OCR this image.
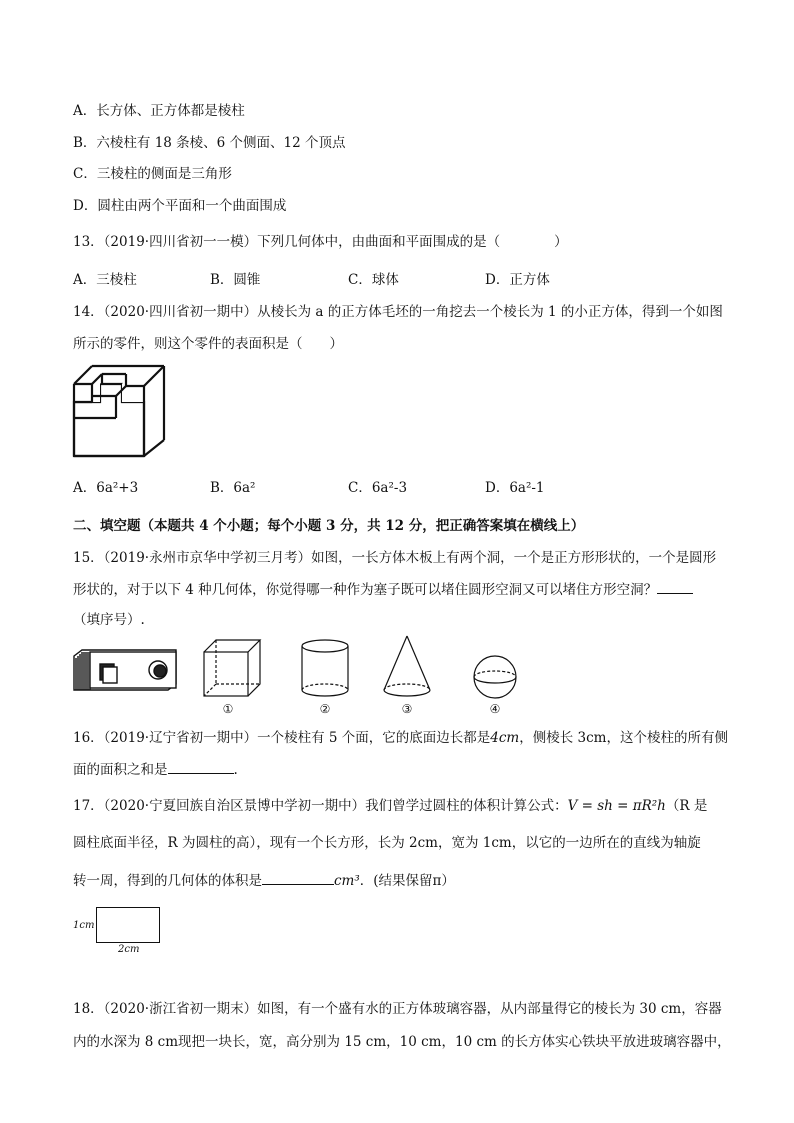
A．长方体、正方体都是棱柱
B．六棱柱有 18 条棱、6 个侧面、12 个顶点
C．三棱柱的侧面是三角形
D．圆柱由两个平面和一个曲面围成
13．（2019·四川省初一一模）下列几何体中，由曲面和平面围成的是（　　　　）
A．三棱柱	B．圆锥	C．球体	D．正方体
14．（2020·四川省初一期中）从棱长为 a 的正方体毛坯的一角挖去一个棱长为 1 的小正方体，得到一个如图
所示的零件，则这个零件的表面积是（　　）
A．6a²+3	B．6a²	C．6a²-3	D．6a²-1
二、填空题（本题共 4 个小题；每个小题 3 分，共 12 分，把正确答案填在横线上）
15．（2019·永州市京华中学初三月考）如图，一长方体木板上有两个洞，一个是正方形形状的，一个是圆形
形状的，对于以下 4 种几何体，你觉得哪一种作为塞子既可以堵住圆形空洞又可以堵住方形空洞？
（填序号）.
①	②	③	④
16．（2019·辽宁省初一期中）一个棱柱有 5 个面，它的底面边长都是4cm，侧棱长 3cm，这个棱柱的所有侧
面的面积之和是	.
17．（2020·宁夏回族自治区景博中学初一期中）我们曾学过圆柱的体积计算公式：V = sh = πR²h（R 是
圆柱底面半径，R 为圆柱的高），现有一个长方形，长为 2cm，宽为 1cm，以它的一边所在的直线为轴旋
转一周，得到的几何体的体积是	cm³．(结果保留π）
1cm
2cm
18．（2020·浙江省初一期末）如图，有一个盛有水的正方体玻璃容器，从内部量得它的棱长为 30 cm，容器
内的水深为 8 cm现把一块长，宽，高分别为 15 cm，10 cm，10 cm 的长方体实心铁块平放进玻璃容器中，
